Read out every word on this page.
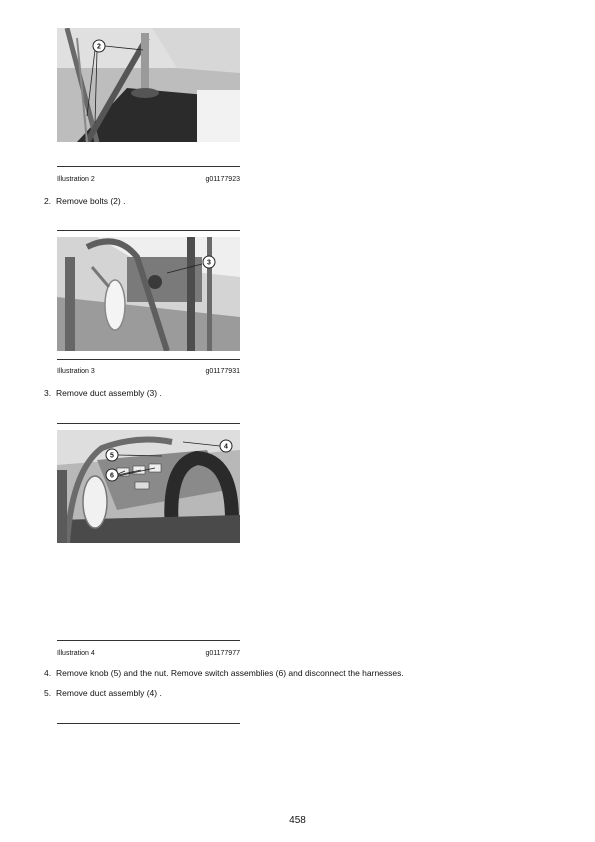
2
Illustration 2	g01177923
2. Remove bolts (2) .
3
Illustration 3	g01177931
3. Remove duct assembly (3) .
4
5
6
Illustration 4	g01177977
4. Remove knob (5) and the nut. Remove switch assemblies (6) and disconnect the harnesses.
5. Remove duct assembly (4) .
458
